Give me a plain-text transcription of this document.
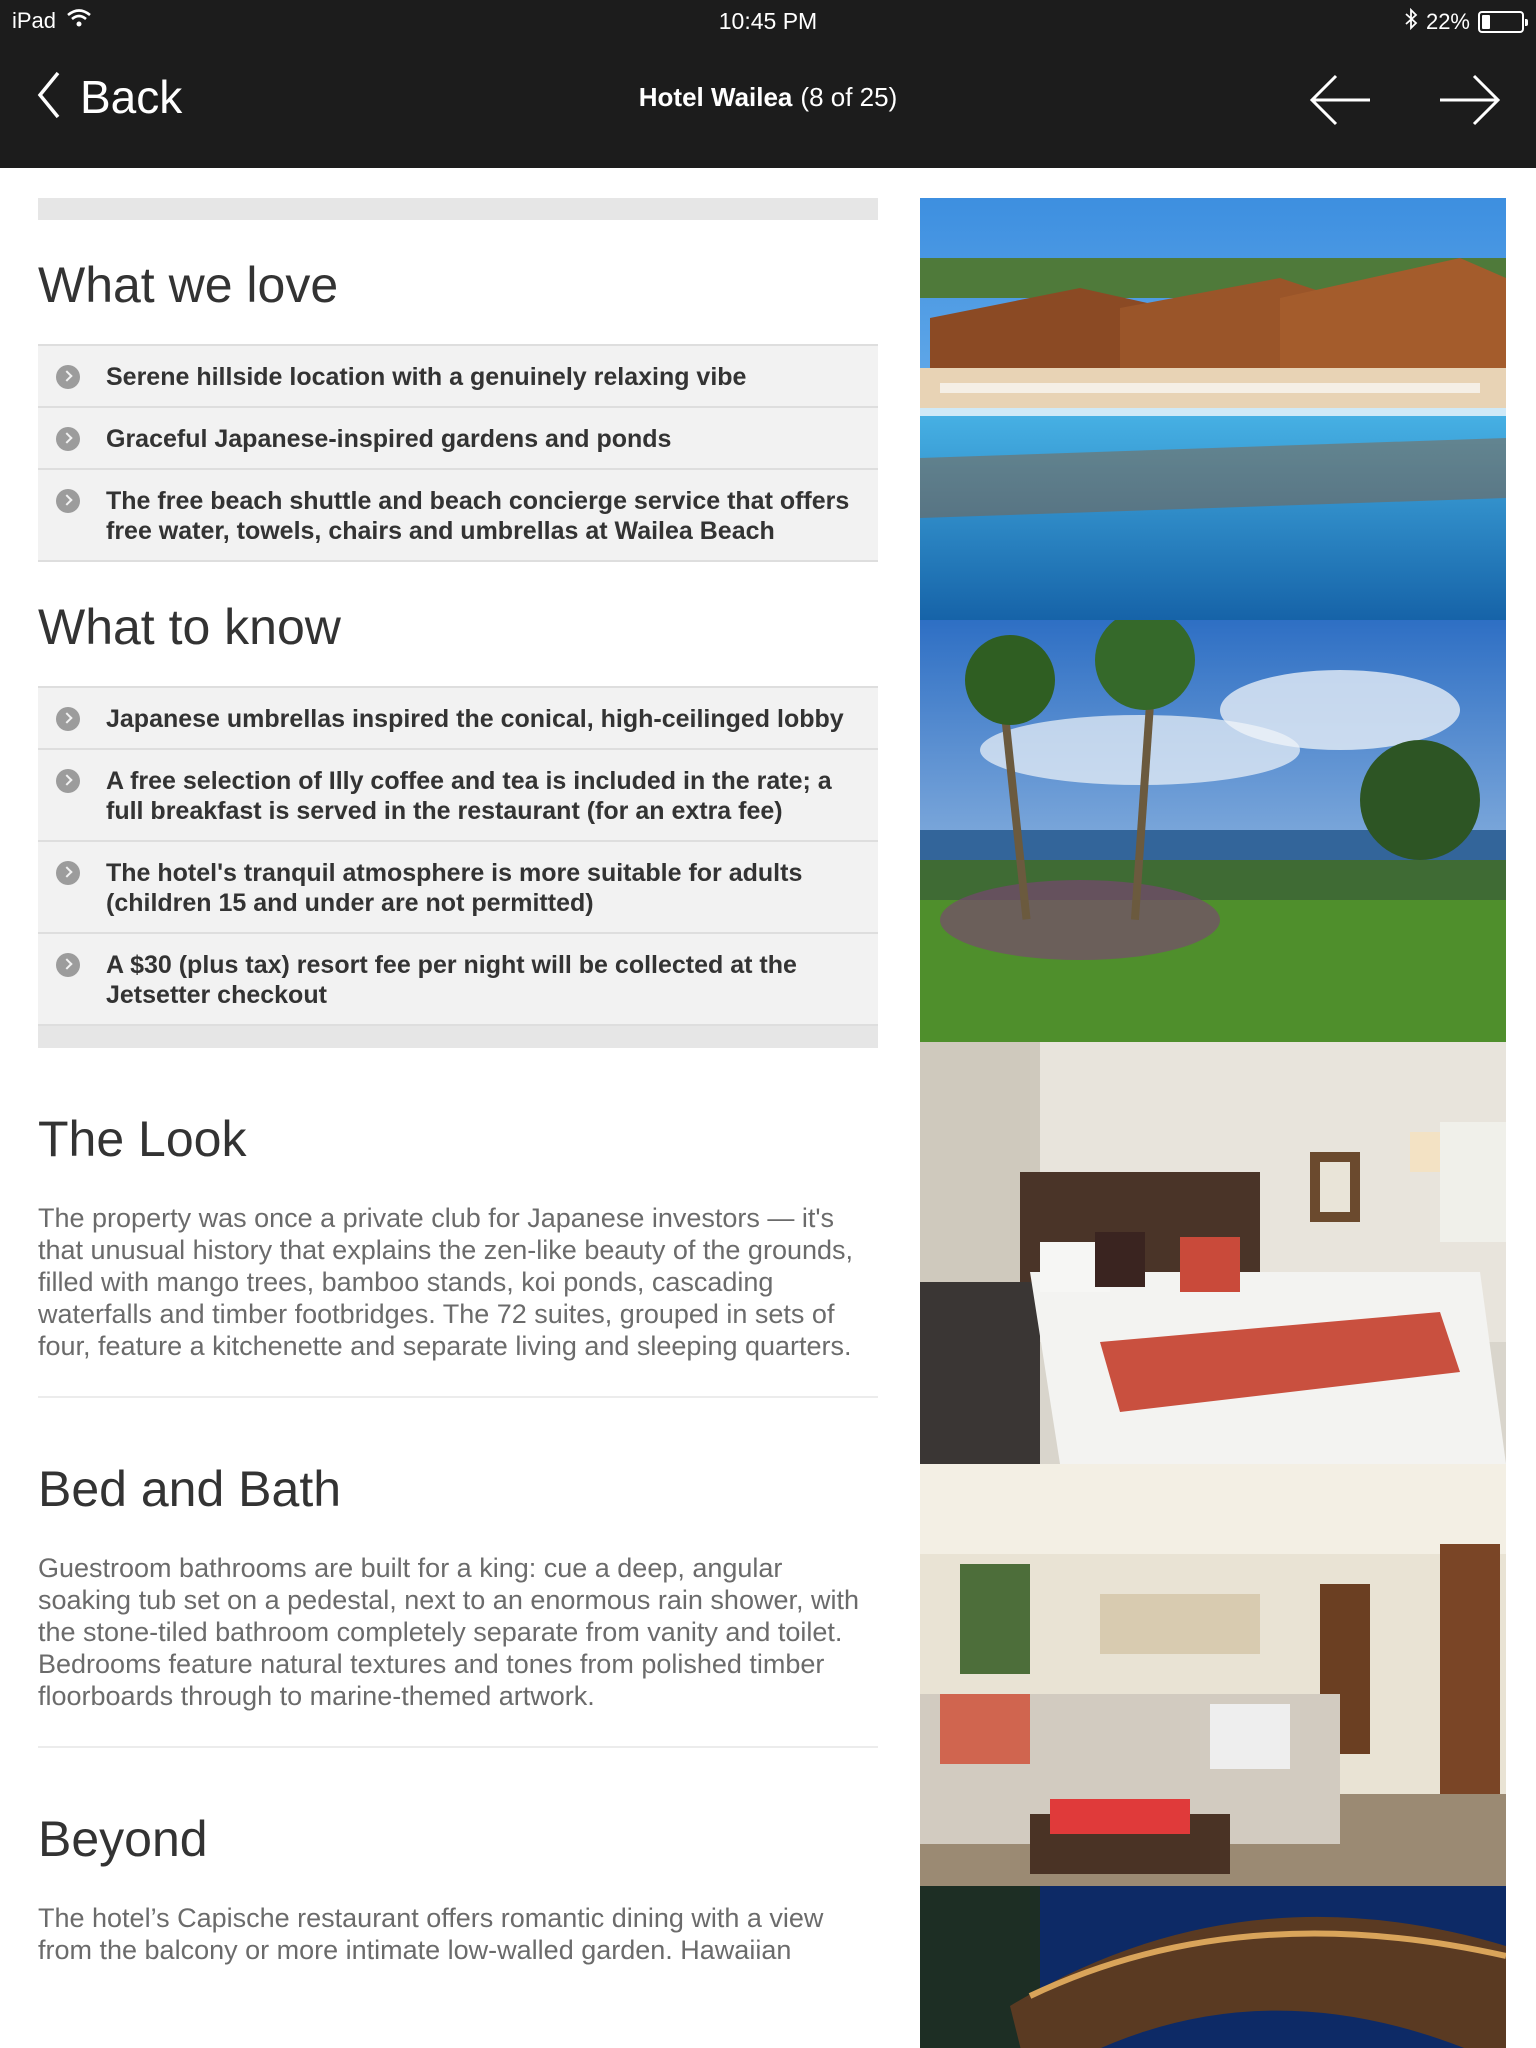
iPad	10:45 PM	22%
Back	Hotel Wailea (8 of 25)
What we love
Serene hillside location with a genuinely relaxing vibe
Graceful Japanese-inspired gardens and ponds
The free beach shuttle and beach concierge service that offers free water, towels, chairs and umbrellas at Wailea Beach
What to know
Japanese umbrellas inspired the conical, high-ceilinged lobby
A free selection of Illy coffee and tea is included in the rate; a full breakfast is served in the restaurant (for an extra fee)
The hotel's tranquil atmosphere is more suitable for adults (children 15 and under are not permitted)
A $30 (plus tax) resort fee per night will be collected at the Jetsetter checkout
The Look

The property was once a private club for Japanese investors — it's that unusual history that explains the zen-like beauty of the grounds, filled with mango trees, bamboo stands, koi ponds, cascading waterfalls and timber footbridges. The 72 suites, grouped in sets of four, feature a kitchenette and separate living and sleeping quarters.

Bed and Bath

Guestroom bathrooms are built for a king: cue a deep, angular soaking tub set on a pedestal, next to an enormous rain shower, with the stone-tiled bathroom completely separate from vanity and toilet. Bedrooms feature natural textures and tones from polished timber floorboards through to marine-themed artwork.

Beyond

The hotel’s Capische restaurant offers romantic dining with a view from the balcony or more intimate low-walled garden. Hawaiian
